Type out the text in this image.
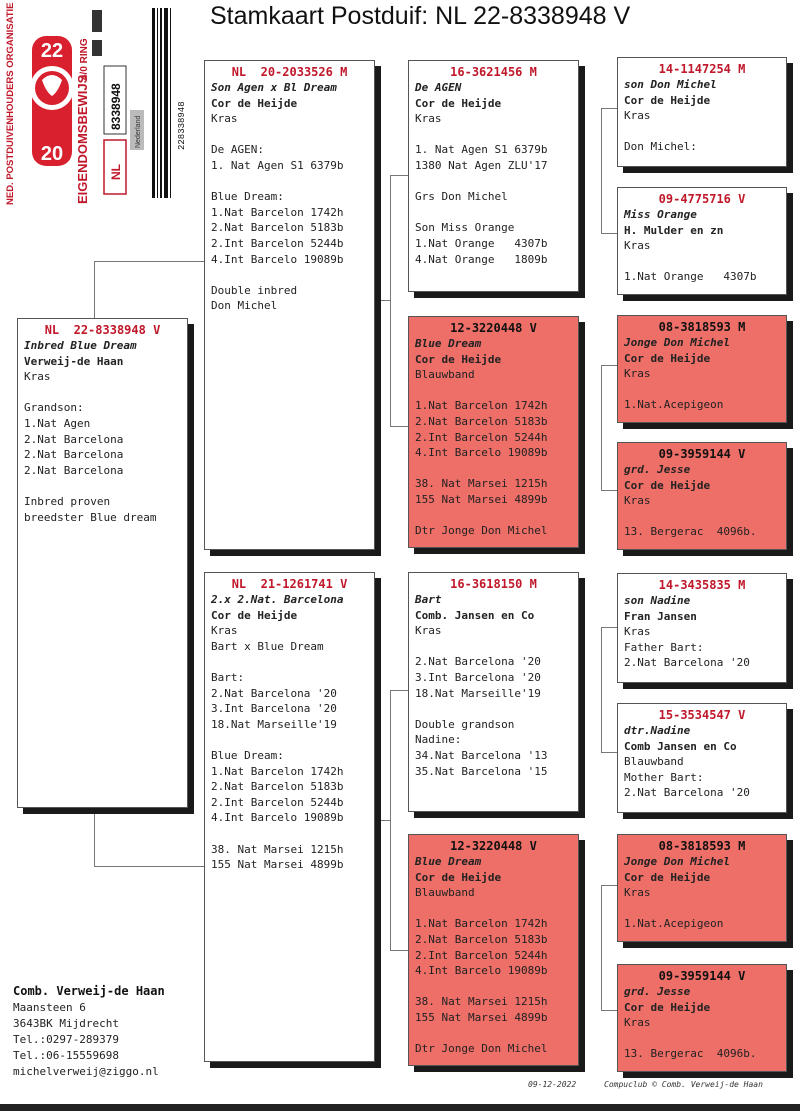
Stamkaart Postduif: NL 22-8338948 V
NED. POSTDUIVENHOUDERS ORGANISATIE 20
22
EIGENDOMSBEWIJS
4/0 RING
8338948
NL
Nederland	228338948
NL  22-8338948 V
Inbred Blue Dream
Verweij-de Haan
Kras
Grandson:
1.Nat Agen
2.Nat Barcelona
2.Nat Barcelona
2.Nat Barcelona
Inbred proven
breedster Blue dream
NL  20-2033526 M
Son Agen x Bl Dream
Cor de Heijde
Kras
De AGEN:
1. Nat Agen S1 6379b
Blue Dream:
1.Nat Barcelon 1742h
2.Nat Barcelon 5183b
2.Int Barcelon 5244b
4.Int Barcelo 19089b
Double inbred
Don Michel
NL  21-1261741 V
2.x 2.Nat. Barcelona
Cor de Heijde
Kras
Bart x Blue Dream
Bart:
2.Nat Barcelona '20
3.Int Barcelona '20
18.Nat Marseille'19
Blue Dream:
1.Nat Barcelon 1742h
2.Nat Barcelon 5183b
2.Int Barcelon 5244b
4.Int Barcelo 19089b
38. Nat Marsei 1215h
155 Nat Marsei 4899b
16-3621456 M
De AGEN
Cor de Heijde
Kras
1. Nat Agen S1 6379b
1380 Nat Agen ZLU'17
Grs Don Michel
Son Miss Orange
1.Nat Orange   4307b
4.Nat Orange   1809b
12-3220448 V
Blue Dream
Cor de Heijde
Blauwband
1.Nat Barcelon 1742h
2.Nat Barcelon 5183b
2.Int Barcelon 5244h
4.Int Barcelo 19089b
38. Nat Marsei 1215h
155 Nat Marsei 4899b
Dtr Jonge Don Michel
16-3618150 M
Bart
Comb. Jansen en Co
Kras
2.Nat Barcelona '20
3.Int Barcelona '20
18.Nat Marseille'19
Double grandson
Nadine:
34.Nat Barcelona '13
35.Nat Barcelona '15
12-3220448 V
Blue Dream
Cor de Heijde
Blauwband
1.Nat Barcelon 1742h
2.Nat Barcelon 5183b
2.Int Barcelon 5244h
4.Int Barcelo 19089b
38. Nat Marsei 1215h
155 Nat Marsei 4899b
Dtr Jonge Don Michel
14-1147254 M
son Don Michel
Cor de Heijde
Kras
Don Michel:
09-4775716 V
Miss Orange
H. Mulder en zn
Kras
1.Nat Orange   4307b
08-3818593 M
Jonge Don Michel
Cor de Heijde
Kras
1.Nat.Acepigeon
09-3959144 V
grd. Jesse
Cor de Heijde
Kras
13. Bergerac  4096b.
14-3435835 M
son Nadine
Fran Jansen
Kras
Father Bart:
2.Nat Barcelona '20
15-3534547 V
dtr.Nadine
Comb Jansen en Co
Blauwband
Mother Bart:
2.Nat Barcelona '20
08-3818593 M
Jonge Don Michel
Cor de Heijde
Kras
1.Nat.Acepigeon
09-3959144 V
grd. Jesse
Cor de Heijde
Kras
13. Bergerac  4096b.
Comb. Verweij-de Haan
Maansteen 6
3643BK Mijdrecht
Tel.:0297-289379
Tel.:06-15559698
michelverweij@ziggo.nl
09-12-2022	Compuclub © Comb. Verweij-de Haan
